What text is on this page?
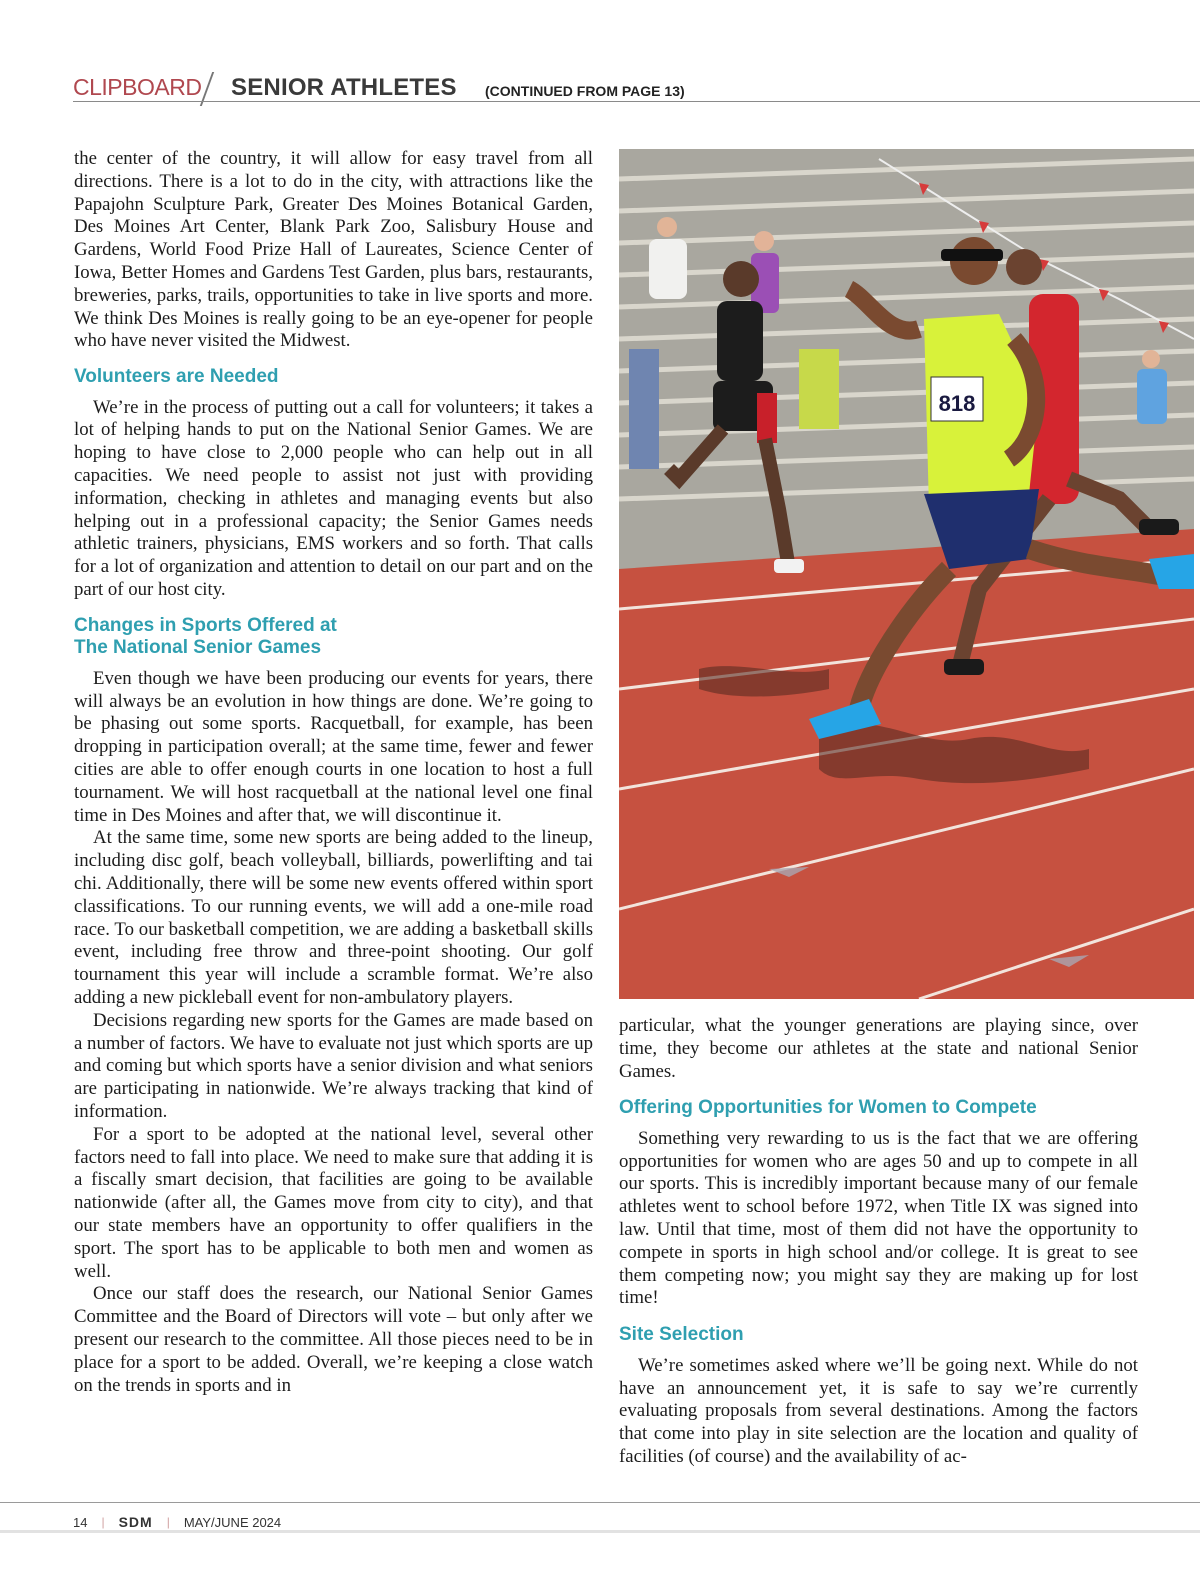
CLIPBOARD SENIOR ATHLETES (CONTINUED FROM PAGE 13)

the center of the country, it will allow for easy travel from all directions. There is a lot to do in the city, with attractions like the Papajohn Sculpture Park, Greater Des Moines Botanical Garden, Des Moines Art Center, Blank Park Zoo, Salisbury House and Gardens, World Food Prize Hall of Laureates, Science Center of Iowa, Better Homes and Gardens Test Garden, plus bars, restaurants, breweries, parks, trails, opportunities to take in live sports and more. We think Des Moines is really going to be an eye-opener for people who have never visited the Midwest.

Volunteers are Needed

We’re in the process of putting out a call for volunteers; it takes a lot of helping hands to put on the National Senior Games. We are hoping to have close to 2,000 people who can help out in all capacities. We need people to assist not just with providing information, checking in athletes and managing events but also helping out in a professional capacity; the Senior Games needs athletic trainers, physicians, EMS workers and so forth. That calls for a lot of organization and attention to detail on our part and on the part of our host city.

Changes in Sports Offered at
The National Senior Games

Even though we have been producing our events for years, there will always be an evolution in how things are done. We’re going to be phasing out some sports. Racquetball, for example, has been dropping in participation overall; at the same time, fewer and fewer cities are able to offer enough courts in one location to host a full tournament. We will host racquetball at the national level one final time in Des Moines and after that, we will discontinue it.

At the same time, some new sports are being added to the lineup, including disc golf, beach volleyball, billiards, powerlifting and tai chi. Additionally, there will be some new events offered within sport classifications. To our running events, we will add a one-mile road race. To our basketball competition, we are adding a basketball skills event, including free throw and three-point shooting. Our golf tournament this year will include a scramble format. We’re also adding a new pickleball event for non-ambulatory players.

Decisions regarding new sports for the Games are made based on a number of factors. We have to evaluate not just which sports are up and coming but which sports have a senior division and what seniors are participating in nationwide. We’re always tracking that kind of information.

For a sport to be adopted at the national level, several other factors need to fall into place. We need to make sure that adding it is a fiscally smart decision, that facilities are going to be available nationwide (after all, the Games move from city to city), and that our state members have an opportunity to offer qualifiers in the sport. The sport has to be applicable to both men and women as well.

Once our staff does the research, our National Senior Games Committee and the Board of Directors will vote – but only after we present our research to the committee. All those pieces need to be in place for a sport to be added. Overall, we’re keeping a close watch on the trends in sports and in

818

particular, what the younger generations are playing since, over time, they become our athletes at the state and national Senior Games.

Offering Opportunities for Women to Compete

Something very rewarding to us is the fact that we are offering opportunities for women who are ages 50 and up to compete in all our sports. This is incredibly important because many of our female athletes went to school before 1972, when Title IX was signed into law. Until that time, most of them did not have the opportunity to compete in sports in high school and/or college. It is great to see them competing now; you might say they are making up for lost time!

Site Selection

We’re sometimes asked where we’ll be going next. While do not have an announcement yet, it is safe to say we’re currently evaluating proposals from several destinations. Among the factors that come into play in site selection are the location and quality of facilities (of course) and the availability of ac-

14 | SDM | MAY/JUNE 2024
